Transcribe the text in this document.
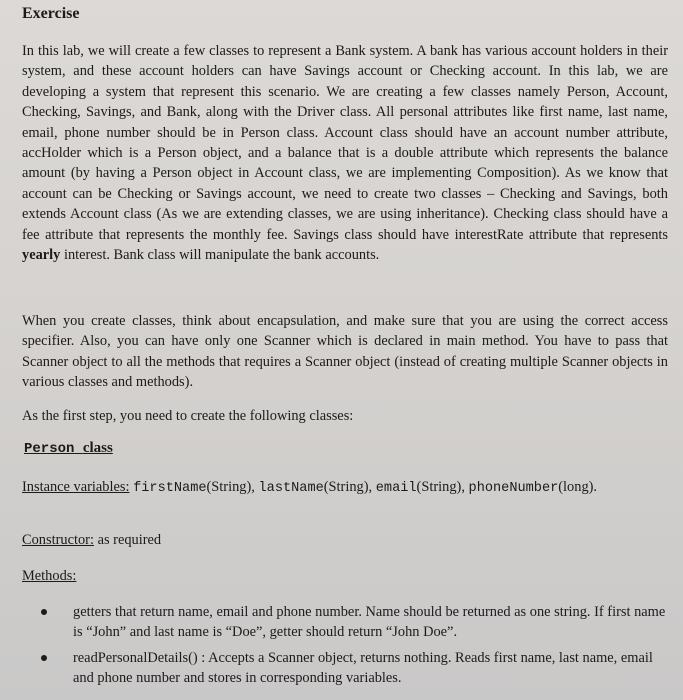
Exercise

In this lab, we will create a few classes to represent a Bank system. A bank has various account holders in their system, and these account holders can have Savings account or Checking account. In this lab, we are developing a system that represent this scenario. We are creating a few classes namely Person, Account, Checking, Savings, and Bank, along with the Driver class. All personal attributes like first name, last name, email, phone number should be in Person class. Account class should have an account number attribute, accHolder which is a Person object, and a balance that is a double attribute which represents the balance amount (by having a Person object in Account class, we are implementing Composition). As we know that account can be Checking or Savings account, we need to create two classes – Checking and Savings, both extends Account class (As we are extending classes, we are using inheritance). Checking class should have a fee attribute that represents the monthly fee. Savings class should have interestRate attribute that represents yearly interest. Bank class will manipulate the bank accounts.

When you create classes, think about encapsulation, and make sure that you are using the correct access specifier. Also, you can have only one Scanner which is declared in main method. You have to pass that Scanner object to all the methods that requires a Scanner object (instead of creating multiple Scanner objects in various classes and methods).

As the first step, you need to create the following classes:

Person class
Instance variables: firstName(String), lastName(String), email(String), phoneNumber(long).
Constructor: as required
Methods:
getters that return name, email and phone number. Name should be returned as one string. If first name is “John” and last name is “Doe”, getter should return “John Doe”.
readPersonalDetails() : Accepts a Scanner object, returns nothing. Reads first name, last name, email and phone number and stores in corresponding variables.
